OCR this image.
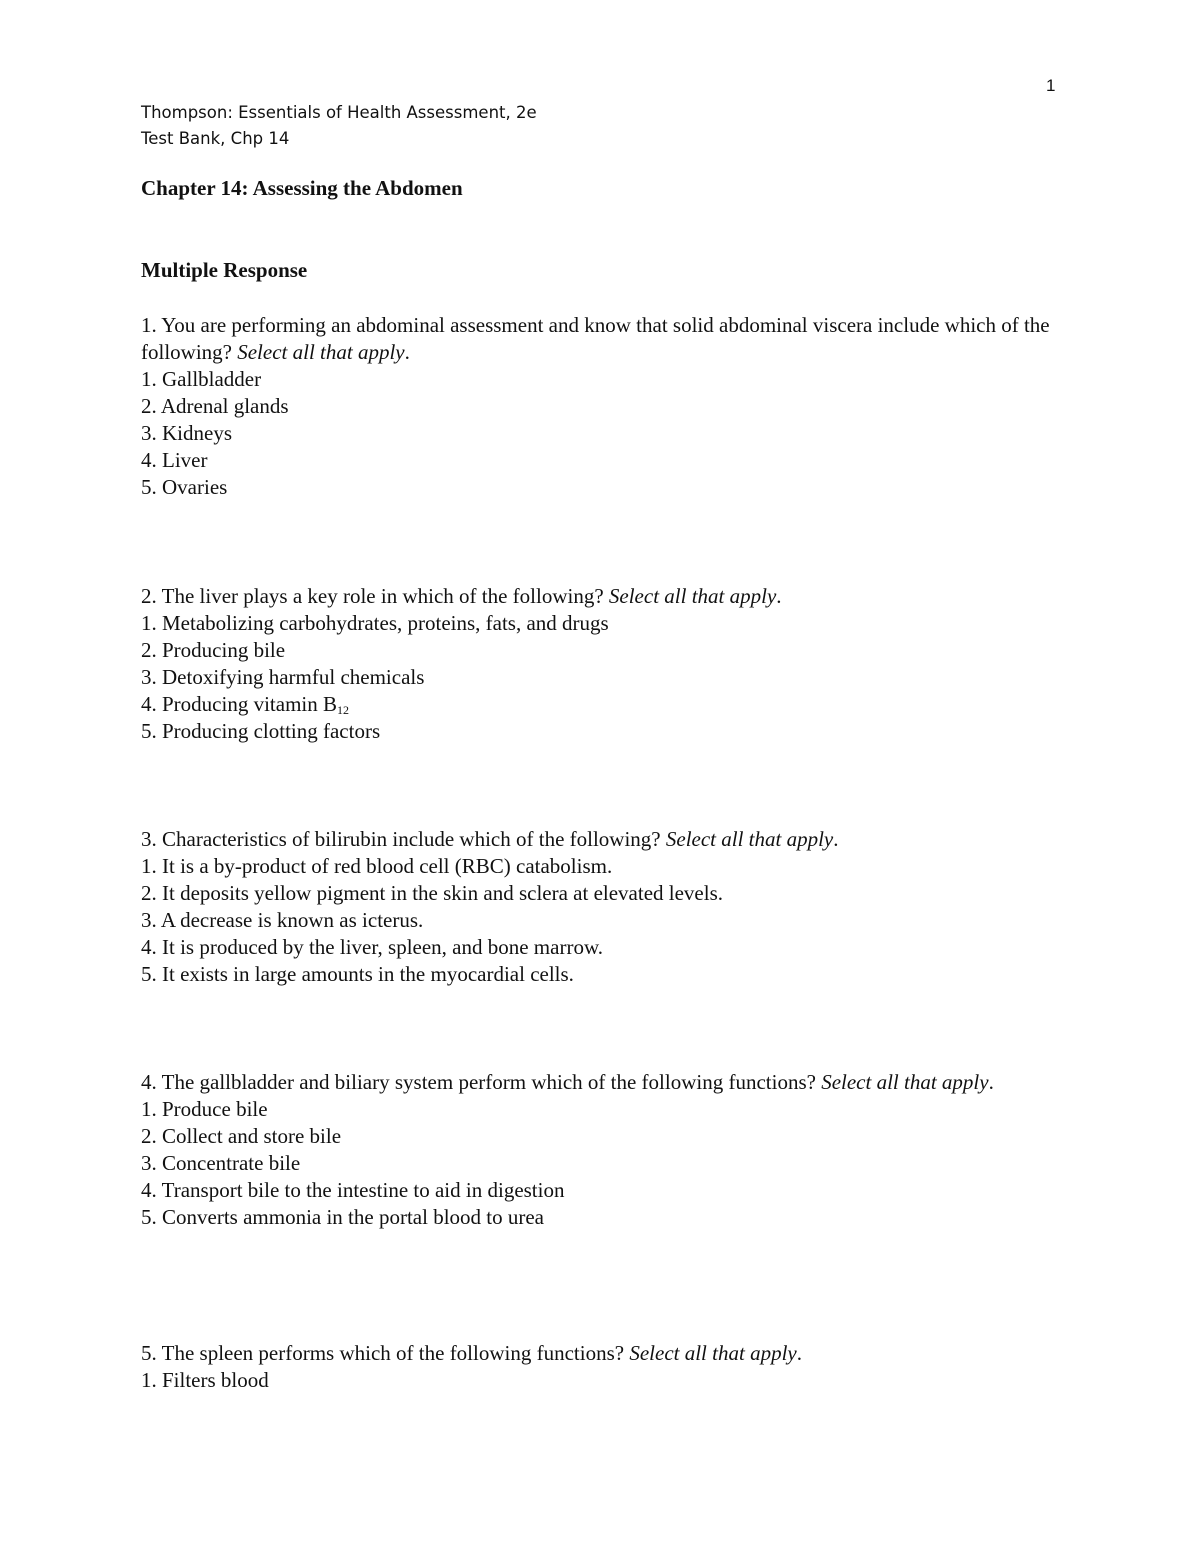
1
Thompson: Essentials of Health Assessment, 2e
Test Bank, Chp 14
Chapter 14: Assessing the Abdomen
Multiple Response

1. You are performing an abdominal assessment and know that solid abdominal viscera include which of the following? Select all that apply.

1. Gallbladder
2. Adrenal glands
3. Kidneys
4. Liver
5. Ovaries

2. The liver plays a key role in which of the following? Select all that apply.

1. Metabolizing carbohydrates, proteins, fats, and drugs
2. Producing bile
3. Detoxifying harmful chemicals
4. Producing vitamin $B_{12}$
5. Producing clotting factors

3. Characteristics of bilirubin include which of the following? Select all that apply.

1. It is a by-product of red blood cell (RBC) catabolism.
2. It deposits yellow pigment in the skin and sclera at elevated levels.
3. A decrease is known as icterus.
4. It is produced by the liver, spleen, and bone marrow.
5. It exists in large amounts in the myocardial cells.

4. The gallbladder and biliary system perform which of the following functions? Select all that apply.

1. Produce bile
2. Collect and store bile
3. Concentrate bile
4. Transport bile to the intestine to aid in digestion
5. Converts ammonia in the portal blood to urea

5. The spleen performs which of the following functions? Select all that apply.

1. Filters blood
